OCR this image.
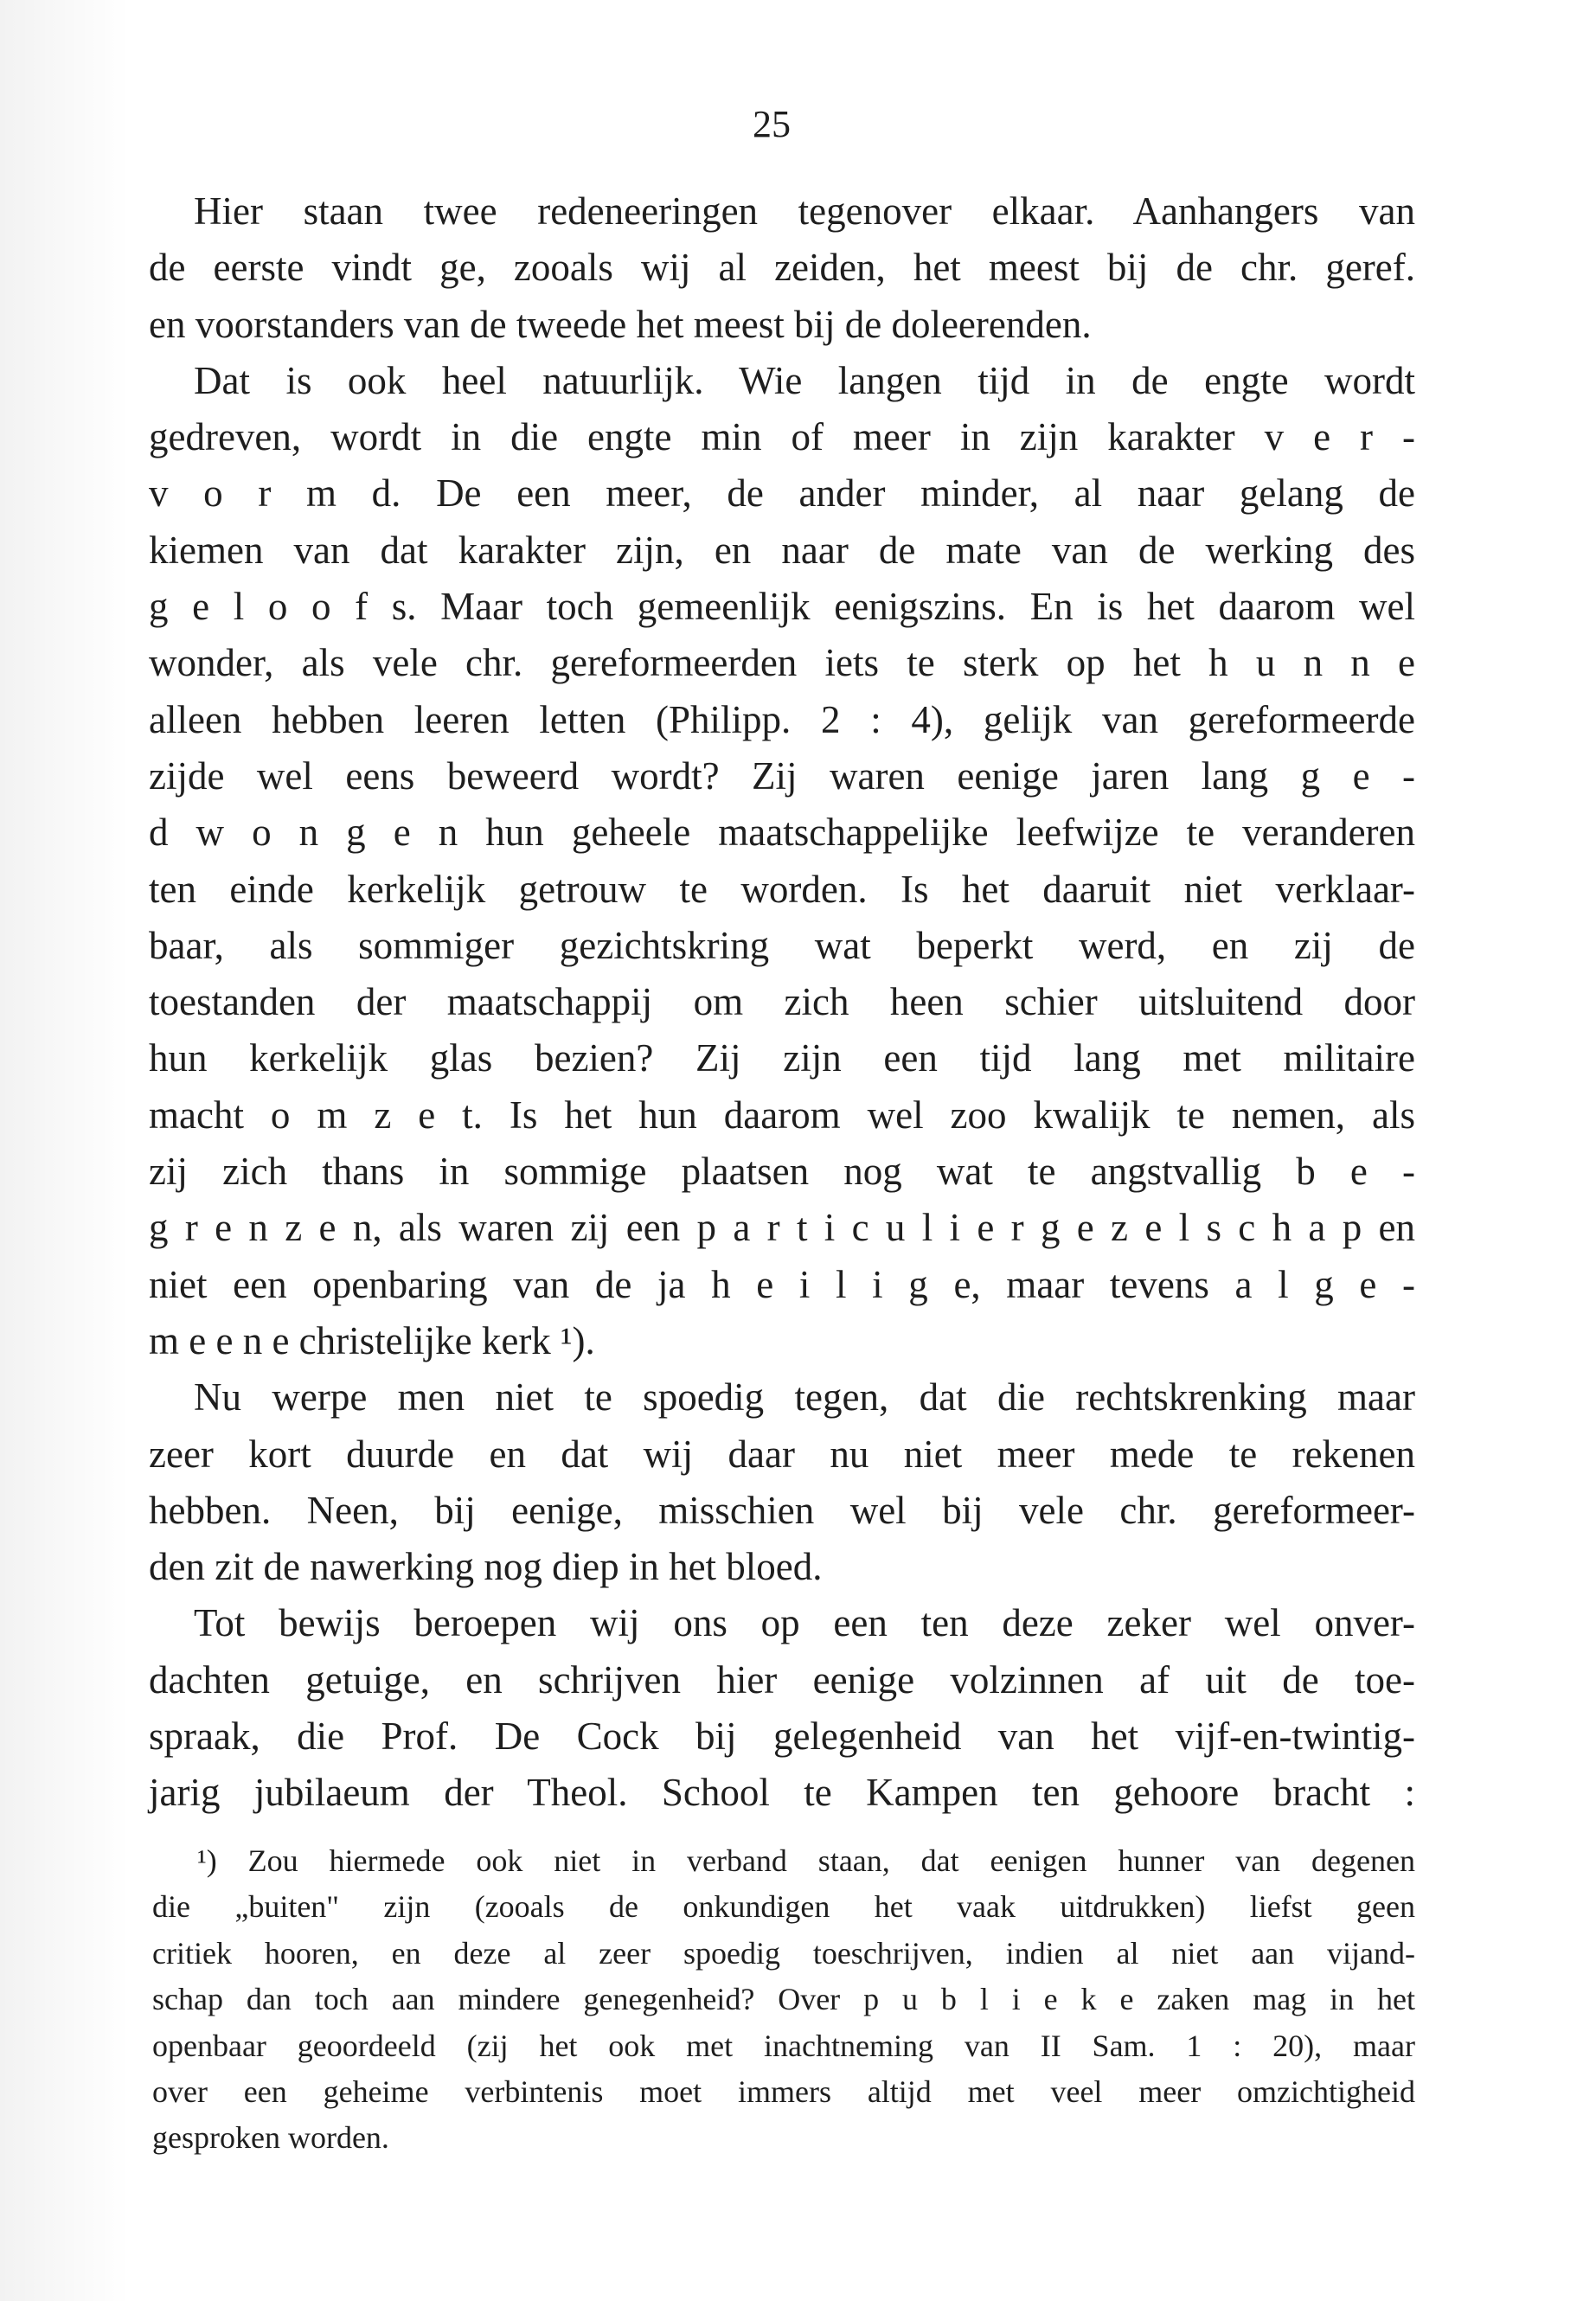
25
Hier staan twee redeneeringen tegenover elkaar. Aanhangers van
de eerste vindt ge, zooals wij al zeiden, het meest bij de chr. geref.
en voorstanders van de tweede het meest bij de doleerenden.
Dat is ook heel natuurlijk. Wie langen tijd in de engte wordt
gedreven, wordt in die engte min of meer in zijn karakter v e r -
v o r m d. De een meer, de ander minder, al naar gelang de
kiemen van dat karakter zijn, en naar de mate van de werking des
g e l o o f s. Maar toch gemeenlijk eenigszins. En is het daarom wel
wonder, als vele chr. gereformeerden iets te sterk op het h u n n e
alleen hebben leeren letten (Philipp. 2 : 4), gelijk van gereformeerde
zijde wel eens beweerd wordt? Zij waren eenige jaren lang g e -
d w o n g e n hun geheele maatschappelijke leefwijze te veranderen
ten einde kerkelijk getrouw te worden. Is het daaruit niet verklaar-
baar, als sommiger gezichtskring wat beperkt werd, en zij de
toestanden der maatschappij om zich heen schier uitsluitend door
hun kerkelijk glas bezien? Zij zijn een tijd lang met militaire
macht o m z e t. Is het hun daarom wel zoo kwalijk te nemen, als
zij zich thans in sommige plaatsen nog wat te angstvallig b e -
g r e n z e n, als waren zij een p a r t i c u l i e r g e z e l s c h a p en
niet een openbaring van de ja h e i l i g e, maar tevens a l g e -
m e e n e christelijke kerk ¹).
Nu werpe men niet te spoedig tegen, dat die rechtskrenking maar
zeer kort duurde en dat wij daar nu niet meer mede te rekenen
hebben. Neen, bij eenige, misschien wel bij vele chr. gereformeer-
den zit de nawerking nog diep in het bloed.
Tot bewijs beroepen wij ons op een ten deze zeker wel onver-
dachten getuige, en schrijven hier eenige volzinnen af uit de toe-
spraak, die Prof. De Cock bij gelegenheid van het vijf-en-twintig-
jarig jubilaeum der Theol. School te Kampen ten gehoore bracht :
¹) Zou hiermede ook niet in verband staan, dat eenigen hunner van degenen
die „buiten" zijn (zooals de onkundigen het vaak uitdrukken) liefst geen
critiek hooren, en deze al zeer spoedig toeschrijven, indien al niet aan vijand-
schap dan toch aan mindere genegenheid? Over p u b l i e k e zaken mag in het
openbaar geoordeeld (zij het ook met inachtneming van II Sam. 1 : 20), maar
over een geheime verbintenis moet immers altijd met veel meer omzichtigheid
gesproken worden.
